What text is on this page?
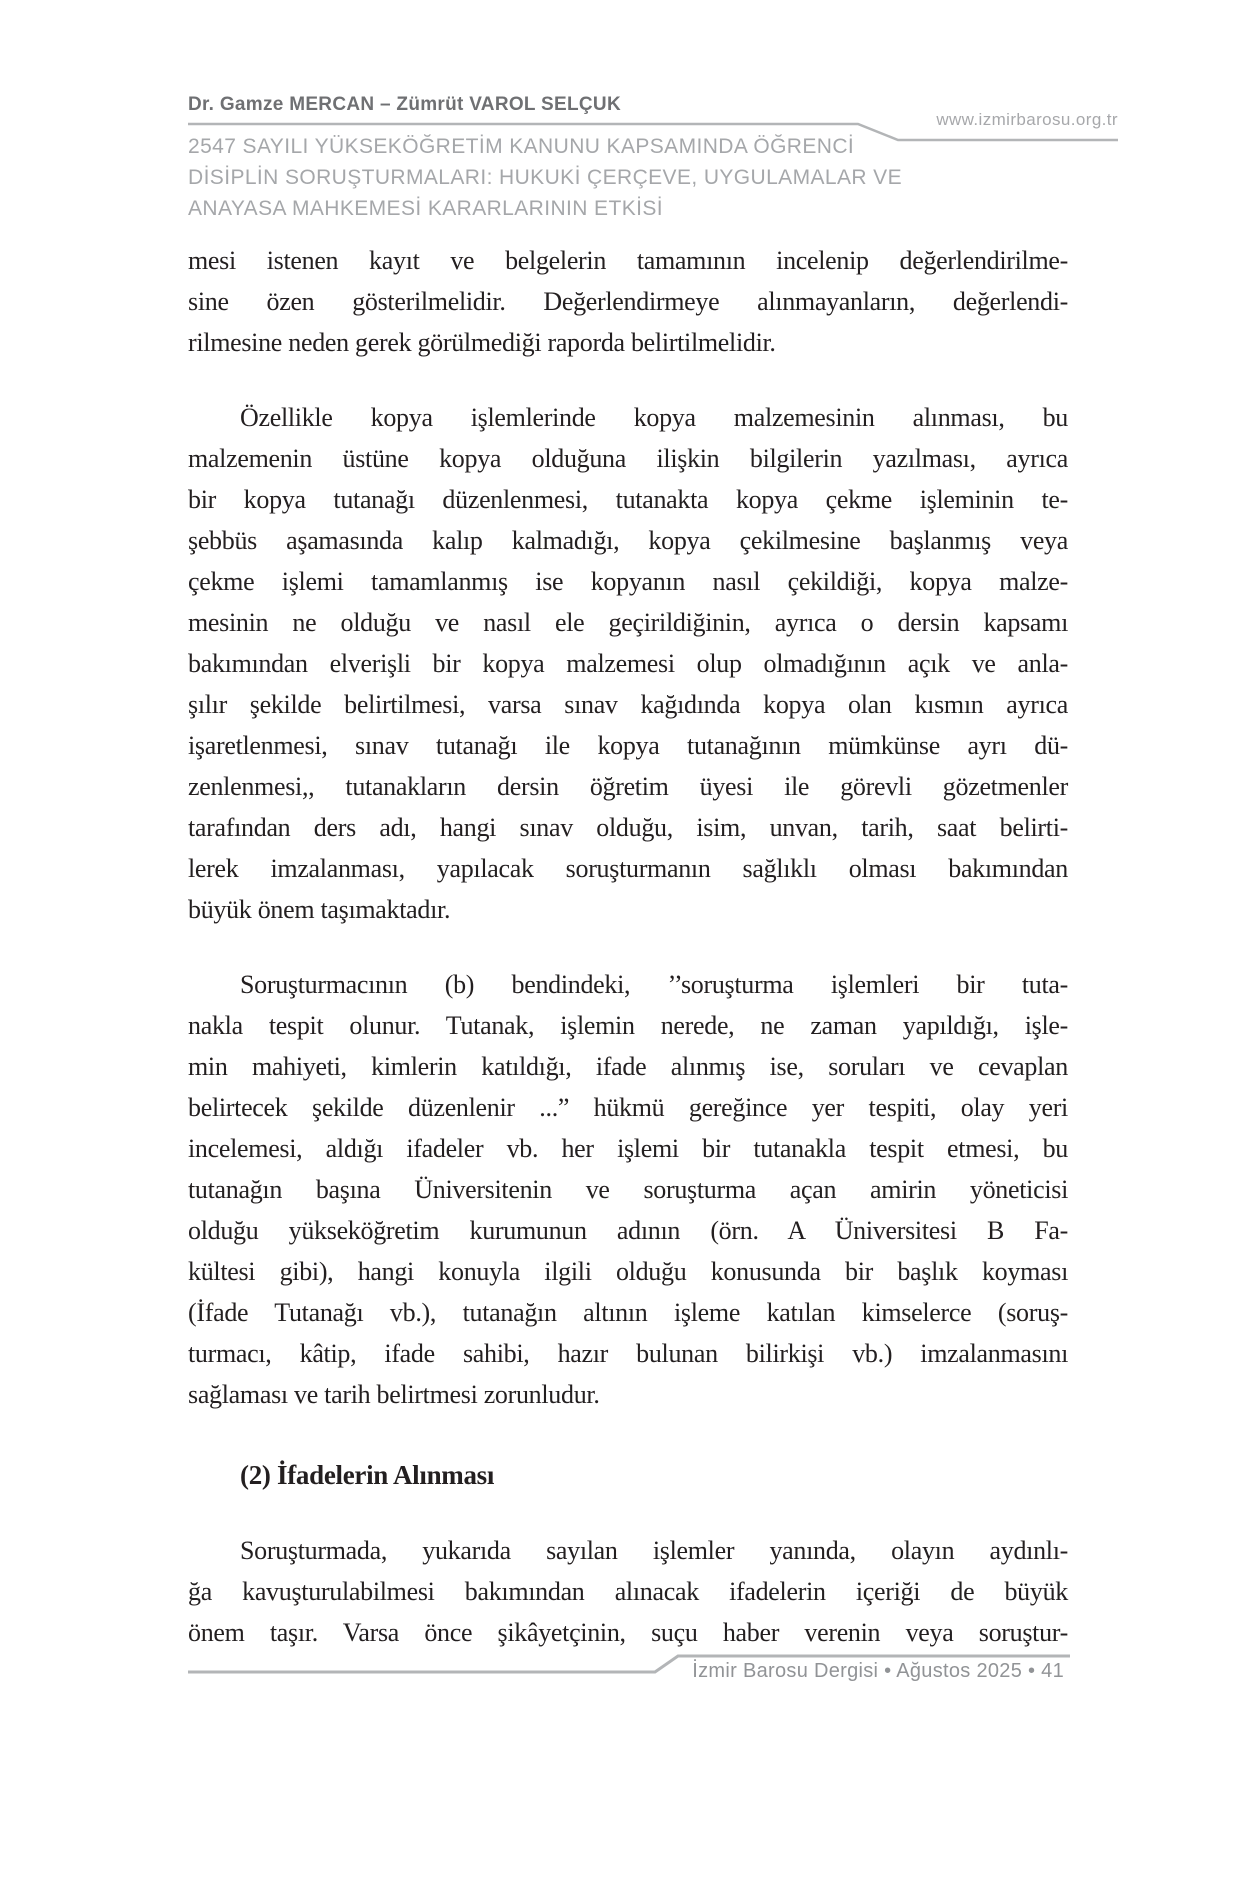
Dr. Gamze MERCAN – Zümrüt VAROL SELÇUK
www.izmirbarosu.org.tr
2547 SAYILI YÜKSEKÖĞRETİM KANUNU KAPSAMINDA ÖĞRENCİ
DİSİPLİN SORUŞTURMALARI: HUKUKİ ÇERÇEVE, UYGULAMALAR VE
ANAYASA MAHKEMESİ KARARLARININ ETKİSİ
mesi istenen kayıt ve belgelerin tamamının incelenip değerlendirilme-
sine özen gösterilmelidir. Değerlendirmeye alınmayanların, değerlendi-
rilmesine neden gerek görülmediği raporda belirtilmelidir.
Özellikle kopya işlemlerinde kopya malzemesinin alınması, bu
malzemenin üstüne kopya olduğuna ilişkin bilgilerin yazılması, ayrıca
bir kopya tutanağı düzenlenmesi, tutanakta kopya çekme işleminin te-
şebbüs aşamasında kalıp kalmadığı, kopya çekilmesine başlanmış veya
çekme işlemi tamamlanmış ise kopyanın nasıl çekildiği, kopya malze-
mesinin ne olduğu ve nasıl ele geçirildiğinin, ayrıca o dersin kapsamı
bakımından elverişli bir kopya malzemesi olup olmadığının açık ve anla-
şılır şekilde belirtilmesi, varsa sınav kağıdında kopya olan kısmın ayrıca
işaretlenmesi, sınav tutanağı ile kopya tutanağının mümkünse ayrı dü-
zenlenmesi,, tutanakların dersin öğretim üyesi ile görevli gözetmenler
tarafından ders adı, hangi sınav olduğu, isim, unvan, tarih, saat belirti-
lerek imzalanması, yapılacak soruşturmanın sağlıklı olması bakımından
büyük önem taşımaktadır.
Soruşturmacının (b) bendindeki, ’’soruşturma işlemleri bir tuta-
nakla tespit olunur. Tutanak, işlemin nerede, ne zaman yapıldığı, işle-
min mahiyeti, kimlerin katıldığı, ifade alınmış ise, soruları ve cevaplan
belirtecek şekilde düzenlenir ...” hükmü gereğince yer tespiti, olay yeri
incelemesi, aldığı ifadeler vb. her işlemi bir tutanakla tespit etmesi, bu
tutanağın başına Üniversitenin ve soruşturma açan amirin yöneticisi
olduğu yükseköğretim kurumunun adının (örn. A Üniversitesi B Fa-
kültesi gibi), hangi konuyla ilgili olduğu konusunda bir başlık koyması
(İfade Tutanağı vb.), tutanağın altının işleme katılan kimselerce (soruş-
turmacı, kâtip, ifade sahibi, hazır bulunan bilirkişi vb.) imzalanmasını
sağlaması ve tarih belirtmesi zorunludur.
(2) İfadelerin Alınması
Soruşturmada, yukarıda sayılan işlemler yanında, olayın aydınlı-
ğa kavuşturulabilmesi bakımından alınacak ifadelerin içeriği de büyük
önem taşır. Varsa önce şikâyetçinin, suçu haber verenin veya soruştur-
İzmir Barosu Dergisi • Ağustos 2025 • 41
